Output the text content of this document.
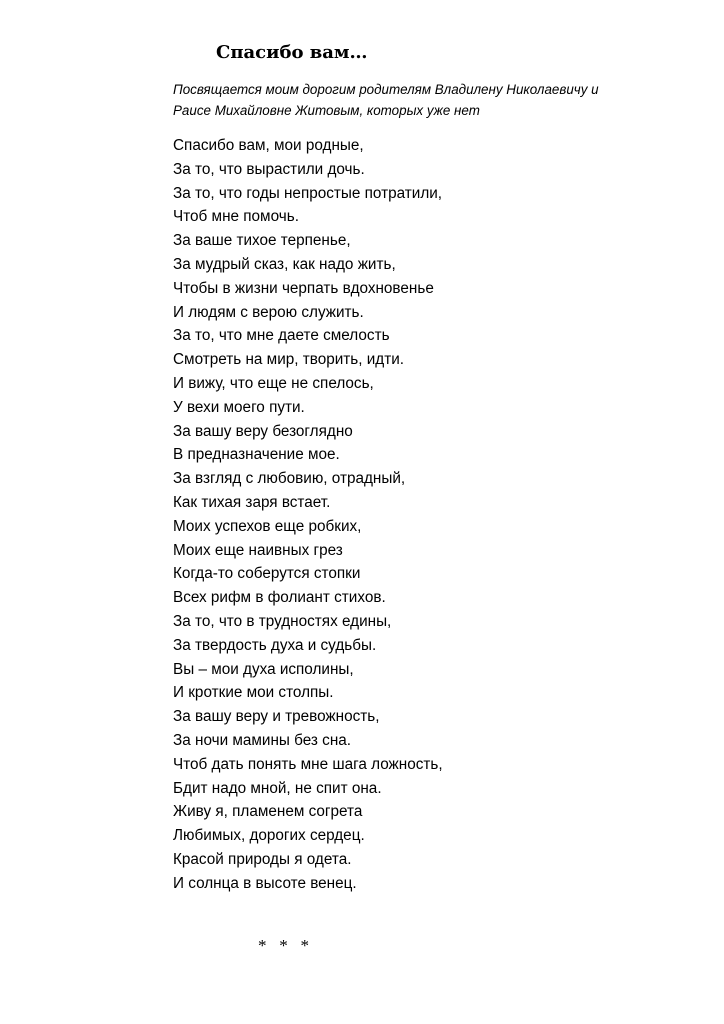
Спасибо вам…
Посвящается моим дорогим родителям Владилену Николаевичу и
Раисе Михайловне Житовым, которых уже нет
Спасибо вам, мои родные,
За то, что вырастили дочь.
За то, что годы непростые потратили,
Чтоб мне помочь.
За ваше тихое терпенье,
За мудрый сказ, как надо жить,
Чтобы в жизни черпать вдохновенье
И людям с верою служить.
За то, что мне даете смелость
Смотреть на мир, творить, идти.
И вижу, что еще не спелось,
У вехи моего пути.
За вашу веру безоглядно
В предназначение мое.
За взгляд с любовию, отрадный,
Как тихая заря встает.
Моих успехов еще робких,
Моих еще наивных грез
Когда-то соберутся стопки
Всех рифм в фолиант стихов.
За то, что в трудностях едины,
За твердость духа и судьбы.
Вы – мои духа исполины,
И кроткие мои столпы.
За вашу веру и тревожность,
За ночи мамины без сна.
Чтоб дать понять мне шага ложность,
Бдит надо мной, не спит она.
Живу я, пламенем согрета
Любимых, дорогих сердец.
Красой природы я одета.
И солнца в высоте венец.
*   *   *
